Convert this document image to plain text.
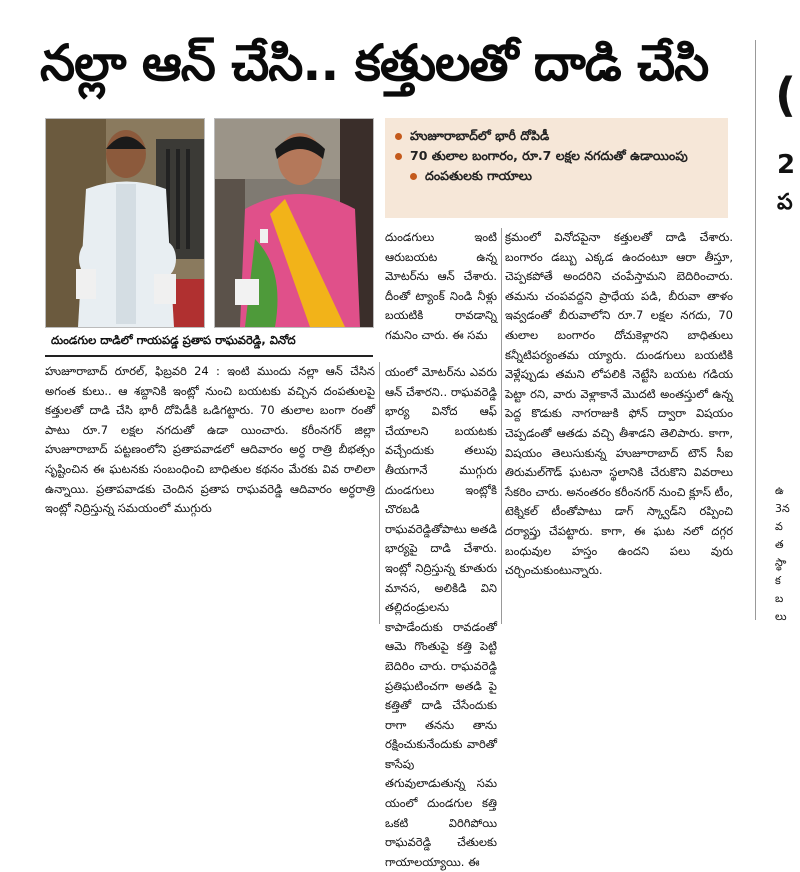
నల్లా ఆన్ చేసి.. కత్తులతో దాడి చేసి
దుండగుల దాడిలో గాయపడ్డ ప్రతాప రాఘవరెడ్డి, వినోద
హుజూరాబాద్‌లో భారీ దోపిడీ
70 తులాల బంగారం, రూ.7 లక్షల నగదుతో ఉడాయింపు
దంపతులకు గాయాలు

హుజూరాబాద్ రూరల్, ఫిబ్రవరి 24 : ఇంటి ముందు నల్లా ఆన్ చేసిన అగంత కులు.. ఆ శబ్దానికి ఇంట్లో నుంచి బయటకు వచ్చిన దంపతులపై కత్తులతో దాడి చేసి భారీ దోపిడీకి ఒడిగట్టారు. 70 తులాల బంగా రంతో పాటు రూ.7 లక్షల నగదుతో ఉడా యించారు. కరీంనగర్ జిల్లా హుజూరాబాద్ పట్టణంలోని ప్రతాపవాడలో ఆదివారం అర్ధ రాత్రి బీభత్సం సృష్టించిన ఈ ఘటనకు సంబంధించి బాధితుల కథనం మేరకు వివ రాలిలా ఉన్నాయి. ప్రతాపవాడకు చెందిన ప్రతాప రాఘవరెడ్డి ఆదివారం అర్ధరాత్రి ఇంట్లో నిద్రిస్తున్న సమయంలో ముగ్గురు

దుండగులు ఇంటి ఆరుబయట ఉన్న మోటర్‌ను ఆన్ చేశారు. దీంతో ట్యాంక్ నిండి నీళ్లు బయటికి రావడాన్ని గమనిం చారు. ఈ సమ

యంలో మోటర్‌ను ఎవరు ఆన్ చేశారని.. రాఘవరెడ్డి భార్య వినోద ఆఫ్ చేయాలని బయటకు వచ్చేందుకు తలుపు తీయగానే ముగ్గురు దుండగులు ఇంట్లోకి చొరబడి రాఘవరెడ్డితోపాటు అతడి భార్యపై దాడి చేశారు. ఇంట్లో నిద్రిస్తున్న కూతురు మానస, అలికిడి విని తల్లిదండ్రులను కాపాడేందుకు రావడంతో ఆమె గొంతుపై కత్తి పెట్టి బెదిరిం చారు. రాఘవరెడ్డి ప్రతిఘటించగా అతడి పై కత్తితో దాడి చేసేందుకు రాగా తనను తాను రక్షించుకునేందుకు వారితో కాసేపు తగువులాడుతున్న సమ యంలో దుండగుల కత్తి ఒకటి విరిగిపోయి రాఘవరెడ్డి చేతులకు గాయాలయ్యాయి. ఈ

క్రమంలో వినోదపైనా కత్తులతో దాడి చేశారు. బంగారం డబ్బు ఎక్కడ ఉందంటూ ఆరా తీస్తూ, చెప్పకపోతే అందరిని చంపేస్తామని బెదిరించారు. తమను చంపవద్దని ప్రాధేయ పడి, బీరువా తాళం ఇవ్వడంతో బీరువాలోని రూ.7 లక్షల నగదు, 70 తులాల బంగారం దోచుకెళ్లారని బాధితులు కన్నీటిపర్యంతమ య్యారు. దుండగులు బయటికి వెళ్లేప్పుడు తమని లోపలికి నెట్టేసి బయట గడియ పెట్టా రని, వారు వెళ్లాకానే మొదటి అంతస్తులో ఉన్న పెద్ద కొడుకు నాగరాజుకి ఫోన్ ద్వారా విషయం చెప్పడంతో ఆతడు వచ్చి తీశాడని తెలిపారు. కాగా, విషయం తెలుసుకున్న హుజూరాబాద్ టౌన్ సీఐ తిరుమల్‌గౌడ్ ఘటనా స్థలానికి చేరుకొని వివరాలు సేకరిం చారు. అనంతరం కరీంనగర్ నుంచి క్లూస్ టీం, టెక్నికల్ టీంతోపాటు డాగ్ స్క్వాడ్‌ని రప్పించి దర్యాప్తు చేపట్టారు. కాగా, ఈ ఘట నలో దగ్గర బంధువుల హస్తం ఉందని పలు వురు చర్చించుకుంటున్నారు.

(
2
ప
ఉ
3న
వ
త
స్థా
క
బ
లు
